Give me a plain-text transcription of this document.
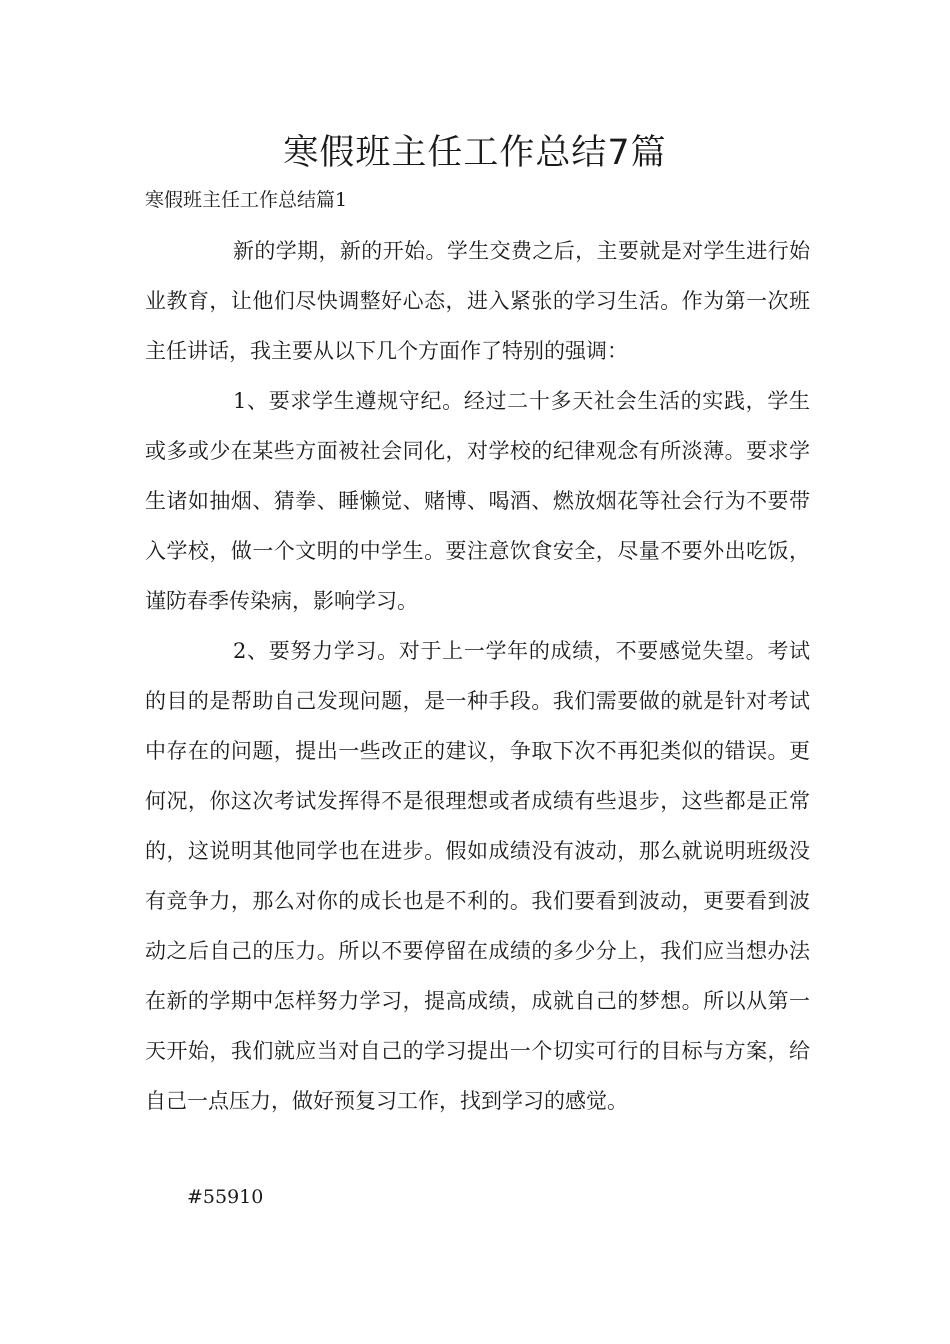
寒假班主任工作总结7篇
寒假班主任工作总结篇1

新的学期，新的开始。学生交费之后，主要就是对学生进行始业教育，让他们尽快调整好心态，进入紧张的学习生活。作为第一次班主任讲话，我主要从以下几个方面作了特别的强调：

1、要求学生遵规守纪。经过二十多天社会生活的实践，学生或多或少在某些方面被社会同化，对学校的纪律观念有所淡薄。要求学生诸如抽烟、猜拳、睡懒觉、赌博、喝酒、燃放烟花等社会行为不要带入学校，做一个文明的中学生。要注意饮食安全，尽量不要外出吃饭，谨防春季传染病，影响学习。

2、要努力学习。对于上一学年的成绩，不要感觉失望。考试的目的是帮助自己发现问题，是一种手段。我们需要做的就是针对考试中存在的问题，提出一些改正的建议，争取下次不再犯类似的错误。更何况，你这次考试发挥得不是很理想或者成绩有些退步，这些都是正常的，这说明其他同学也在进步。假如成绩没有波动，那么就说明班级没有竞争力，那么对你的成长也是不利的。我们要看到波动，更要看到波动之后自己的压力。所以不要停留在成绩的多少分上，我们应当想办法在新的学期中怎样努力学习，提高成绩，成就自己的梦想。所以从第一天开始，我们就应当对自己的学习提出一个切实可行的目标与方案，给自己一点压力，做好预复习工作，找到学习的感觉。

#55910
